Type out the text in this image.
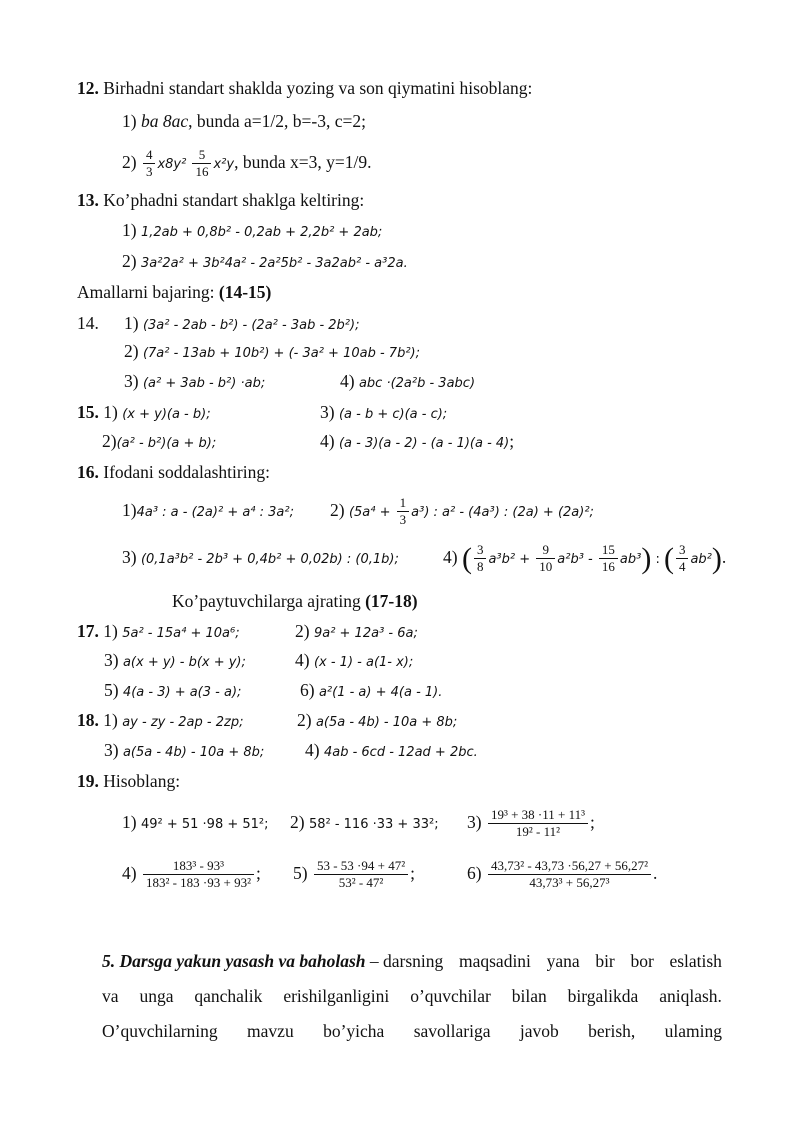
12. Birhadni standart shaklda yozing va son qiymatini hisoblang:
1) ba 8ac, bunda a=1/2, b=-3, c=2;
$2) \frac{4}{3} x8y^2 \frac{5}{16} x^2y$, bunda x=3, y=1/9.
13. Ko’phadni standart shaklga keltiring:
1) 1,2ab + 0,8b² - 0,2ab + 2,2b² + 2ab;
2) 3a²2a² + 3b²4a² - 2a²5b² - 3a2ab² - a³2a.
Amallarni bajaring: (14-15)
14. 1) (3a² - 2ab - b²) - (2a² - 3ab - 2b²);
2) (7a² - 13ab + 10b²) + (- 3a² + 10ab - 7b²);
3) (a² + 3ab - b²) ·ab;	4) abc ·(2a²b - 3abc)
15. 1) (x + y)(a - b);	3) (a - b + c)(a - c);
2)(a² - b²)(a + b);	4) (a - 3)(a - 2) - (a - 1)(a - 4);
16. Ifodani soddalashtiring:
1)4a³ : a - (2a)² + a⁴ : 3a²; 2) $(5a^4 + \frac{1}{3} a^3)$ : a² - (4a³) : (2a) + (2a)²;
3) (0,1a³b² - 2b³ + 0,4b² + 0,02b) : (0,1b);	4) ( $\frac{3}{8} a^3b^2 + \frac{9}{10} a^2b^3 - \frac{15}{16} ab^3$) : ( $\frac{3}{4} ab^2$).
Ko’paytuvchilarga ajrating (17-18)
17. 1) 5a² - 15a⁴ + 10a⁶;	2) 9a² + 12a³ - 6a;
3) a(x + y) - b(x + y);	4) (x - 1) - a(1- x);
5) 4(a - 3) + a(3 - a);	6) a²(1 - a) + 4(a - 1).
18. 1) ay - zy - 2ap - 2zp;	2) a(5a - 4b) - 10a + 8b;
3) a(5a - 4b) - 10a + 8b; 4) 4ab - 6cd - 12ad + 2bc.
19. Hisoblang:
1) 49² + 51 ·98 + 51²; 2) 58² - 116 ·33 + 33²; $3) \frac{\text{19³ + 38 ·11 + 11³}}{\text{19² - 11²}}$ ;
$4) \frac{\text{183³ - 93³}}{\text{183² - 183 ·93 + 93²}}$ ; $5) \frac{\text{53 - 53 ·94 + 47²}}{\text{53² - 47²}}$ ;	$6) \frac{\text{43,73² - 43,73 ·56,27 + 56,27²}}{\text{43,73³ + 56,27³}}$ .
5. Darsga yakun yasash va baholash – darsning maqsadini yana bir bor eslatish
va unga qanchalik erishilganligini o’quvchilar bilan birgalikda aniqlash.
O’quvchilarning mavzu bo’yicha savollariga javob berish, ulaming
